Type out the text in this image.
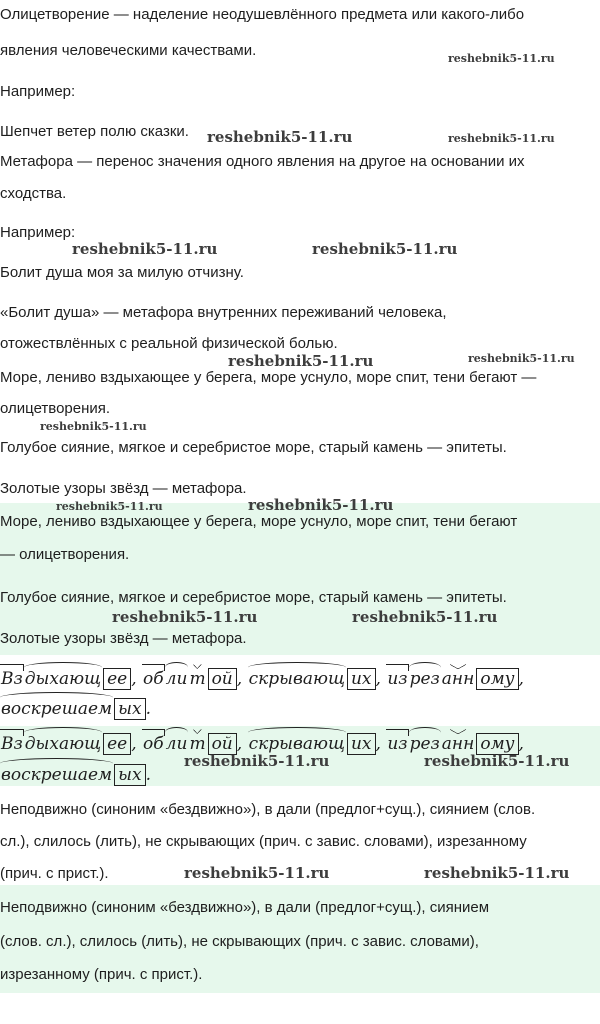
Олицетворение — наделение неодушевлённого предмета или какого-либо

явления человеческими качествами.

Например:

Шепчет ветер полю сказки.

Метафора — перенос значения одного явления на другое на основании их

сходства.

Например:

Болит душа моя за милую отчизну.

«Болит душа» — метафора внутренних переживаний человека,

отожествлённых с реальной физической болью.

Море, лениво вздыхающее у берега, море уснуло, море спит, тени бегают —

олицетворения.

Голубое сияние, мягкое и серебристое море, старый камень — эпитеты.

Золотые узоры звёзд — метафора.

Море, лениво вздыхающее у берега, море уснуло, море спит, тени бегают

— олицетворения.

Голубое сияние, мягкое и серебристое море, старый камень — эпитеты.

Золотые узоры звёзд — метафора.

Вз дыхающ ее , об ли т ой , скрывающ их , из рез анн ому ,
воскрешаем ых .
Вз дыхающ ее , об ли т ой , скрывающ их , из рез анн ому ,
воскрешаем ых .

Неподвижно (синоним «бездвижно»), в дали (предлог+сущ.), сиянием (слов.

сл.), слилось (лить), не скрывающих (прич. с завис. словами), изрезанному

(прич. с прист.).

Неподвижно (синоним «бездвижно»), в дали (предлог+сущ.), сиянием

(слов. сл.), слилось (лить), не скрывающих (прич. с завис. словами),

изрезанному (прич. с прист.).

reshebnik5-11.ru
reshebnik5-11.ru	reshebnik5-11.ru
reshebnik5-11.ru	reshebnik5-11.ru
reshebnik5-11.ru	reshebnik5-11.ru
reshebnik5-11.ru
reshebnik5-11.ru	reshebnik5-11.ru
reshebnik5-11.ru	reshebnik5-11.ru
reshebnik5-11.ru	reshebnik5-11.ru
reshebnik5-11.ru	reshebnik5-11.ru
